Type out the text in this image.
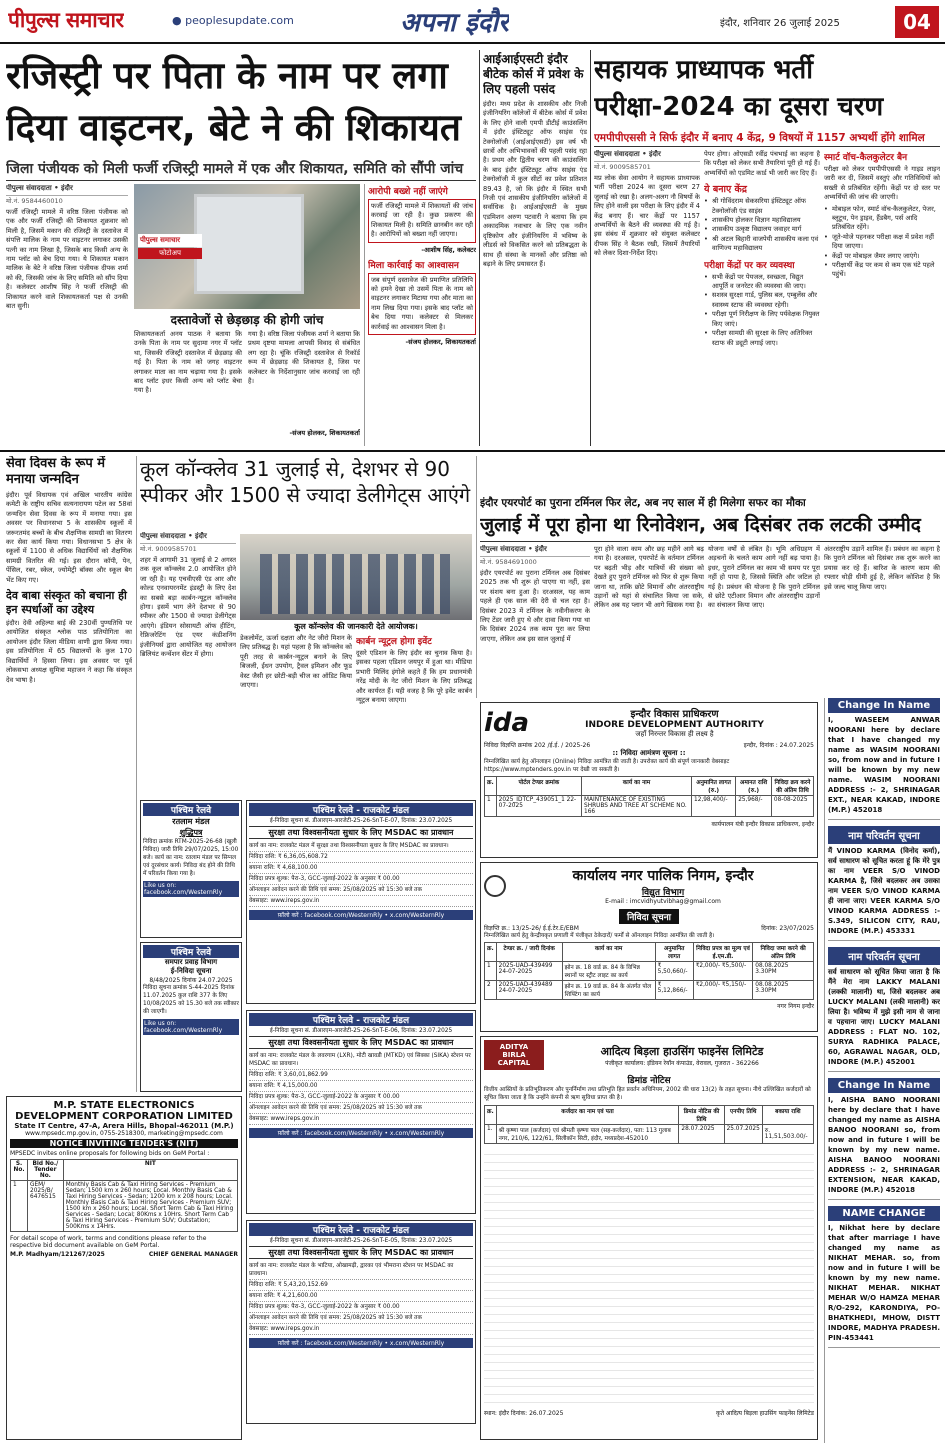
पीपुल्स समाचार	● peoplesupdate.com	अपना इंदौर	इंदौर, शनिवार 26 जुलाई 2025	04
रजिस्ट्री पर पिता के नाम पर लगा दिया वाइटनर, बेटे ने की शिकायत
जिला पंजीयक को मिली फर्जी रजिस्ट्री मामले में एक और शिकायत, समिति को सौंपी जांच
पीपुल्स संवाददाता • इंदौर
मो.नं. 9584460010
फर्जी रजिस्ट्री मामले में वरिष्ठ जिला पंजीयक को एक और फर्जी रजिस्ट्री की शिकायत शुक्रवार को मिली है, जिसमें मकान की रजिस्ट्री के दस्तावेज में संपत्ति मालिक के नाम पर वाइटनर लगाकर उसकी पत्नी का नाम लिखा है, जिसके बाद किसी अन्य के नाम प्लॉट को बेच दिया गया। ये शिकायत मकान मालिक के बेटे ने वरिष्ठ जिला पंजीयक दीपक शर्मा को की, जिसकी जांच के लिए समिति को सौंप दिया है। कलेक्टर आशीष सिंह ने फर्जी रजिस्ट्री की शिकायत करने वाले शिकायतकर्ता पक्ष से उनकी बात सुनी।
पीपुल्स समाचार
फोटोअप
दस्तावेजों से छेड़छाड़ की होगी जांच
शिकायतकर्ता अनय पाठक ने बताया कि उनके पिता के नाम पर सुदामा नगर में प्लॉट था, जिसकी रजिस्ट्री दस्तावेज में छेड़छाड़ की गई है। पिता के नाम को जगह वाइटनर लगाकर माता का नाम चढ़ाया गया है। इसके बाद प्लॉट इधर किसी अन्य को प्लॉट बेचा गया है।
गया है। वरिष्ठ जिला पंजीयक शर्मा ने बताया कि प्रथम दृष्टया मामला आपसी विवाद से संबंधित लग रहा है। चूंकि रजिस्ट्री दस्तावेज से रिकॉर्ड रूम में छेड़छाड़ की शिकायत है, जिस पर कलेक्टर के निर्देशानुसार जांच करवाई जा रही है।
-संजय होलकर, शिकायतकर्ता
आरोपी बख्शे नहीं जाएंगे
फर्जी रजिस्ट्री मामले में शिकायतों की जांच करवाई जा रही है। कुछ प्रकरण की शिकायत मिली है। समिति छानबीन कर रही है। आरोपियों को बख्शा नहीं जाएगा।
-आशीष सिंह, कलेक्टर
मिला कार्रवाई का आश्वासन
जब संपूर्ण दस्तावेज की प्रमाणित प्रतिलिपि को हमने देखा तो उसमें पिता के नाम को वाइटनर लगाकर मिटाया गया और माता का नाम लिख दिया गया। इसके बाद प्लॉट को बेच दिया गया। कलेक्टर से मिलकर कार्रवाई का आश्वासन मिला है।
-संजय होलकर, शिकायतकर्ता
आईआईएसटी इंदौर बीटेक कोर्स में प्रवेश के लिए पहली पसंद
इंदौर। मध्य प्रदेश के शासकीय और निजी इंजीनियरिंग कॉलेजों में बीटेक कोर्स में प्रवेश के लिए होने वाली एमपी डीटीई काउंसलिंग में इंदौर इंस्टिट्यूट ऑफ साइंस एंड टेक्नोलॉजी (आईआईएसटी) इस वर्ष भी छात्रों और अभिभावकों की पहली पसंद रहा है। प्रथम और द्वितीय चरण की काउंसलिंग के बाद इंदौर इंस्टिट्यूट ऑफ साइंस एंड टेक्नोलॉजी में कुल सीटों का प्रवेश प्रतिशत 89.43 है, जो कि इंदौर में स्थित सभी निजी एवं शासकीय इंजीनियरिंग कॉलेजों में सर्वाधिक है। आईआईएसटी के मुख्य एडमिशन अरुण पटवारी ने बताया कि हम अकादमिक नवाचार के लिए एक नवीन दृष्टिकोण और इंजीनियरिंग में भविष्य के लीडर्स को विकसित करने को प्रतिबद्धता के साथ ही संस्था के मानकों और प्रतिष्ठा को बढ़ाने के लिए प्रयासरत हैं।
सहायक प्राध्यापक भर्ती परीक्षा-2024 का दूसरा चरण
एमपीपीएससी ने सिर्फ इंदौर में बनाए 4 केंद्र, 9 विषयों में 1157 अभ्यर्थी होंगे शामिल
पीपुल्स संवाददाता • इंदौर
मो.नं. 9009585701
मप्र लोक सेवा आयोग ने सहायक प्राध्यापक भर्ती परीक्षा 2024 का दूसरा चरण 27 जुलाई को रखा है। अलग-अलग नौ विषयों के लिए होने वाली इस परीक्षा के लिए इंदौर में 4 केंद्र बनाए हैं। चार केंद्रों पर 1157 अभ्यर्थियों के बैठने की व्यवस्था की गई है। इस संबंध में शुक्रवार को संयुक्त कलेक्टर दीपक सिंह ने बैठक रखी, जिसमें तैयारियों को लेकर दिशा-निर्देश दिए।
पेपर होगा। ओएसडी रवींद्र पंचभाई का कहना है कि परीक्षा को लेकर सभी तैयारियां पूरी हो गई हैं। अभ्यर्थियों को एडमिट कार्ड भी जारी कर दिए हैं।
ये बनाए केंद्र
• श्री गोविंदराम सेकसरिया इंस्टिट्यूट ऑफ टेक्नोलॉजी एंड साइंस
• शासकीय होलकर विज्ञान महाविद्यालय
• शासकीय उत्कृष्ट विद्यालय जवाहर मार्ग
• श्री अटल बिहारी वाजपेयी शासकीय कला एवं वाणिज्य महाविद्यालय
परीक्षा केंद्रों पर कर व्यवस्था
• सभी केंद्रों पर पेयजल, स्वच्छता, विद्युत आपूर्ति व जनरेटर की व्यवस्था की जाए।
• सशस्त्र सुरक्षा गार्ड, पुलिस बल, एम्बुलेंस और स्वास्थ्य स्टाफ की व्यवस्था रहेगी।
• परीक्षा पूर्ण निरीक्षण के लिए पर्यवेक्षक नियुक्त किए जाएं।
• परीक्षा सामग्री की सुरक्षा के लिए अतिरिक्त स्टाफ की ड्यूटी लगाई जाए।
स्मार्ट वॉच-कैलकुलेटर बैन
परीक्षा को लेकर एमपीपीएससी ने गाइड लाइन जारी कर दी, जिसमें वस्तुएं और गतिविधियों को सख्ती से प्रतिबंधित रहेंगी। केंद्रों पर दो स्तर पर अभ्यर्थियों की जांच की जाएगी।
• मोबाइल फोन, स्मार्ट वॉच-कैलकुलेटर, पेजर, ब्लूटूथ, पेन ड्राइव, हैंडबैग, पर्स आदि प्रतिबंधित रहेंगे।
• जूते-मोजे पहनकर परीक्षा कक्ष में प्रवेश नहीं दिया जाएगा।
• केंद्रों पर मोबाइल जैमर लगाए जाएंगे।
• परीक्षार्थी केंद्र पर कम से कम एक घंटे पहले पहुंचें।
सेवा दिवस के रूप में मनाया जन्मदिन
इंदौर। पूर्व विधायक एवं अखिल भारतीय कांग्रेस कमेटी के राष्ट्रीय सचिव सत्यनारायण पटेल का 58वां जन्मदिन सेवा दिवस के रूप में मनाया गया। इस अवसर पर विधानसभा 5 के शासकीय स्कूलों में जरूरतमंद बच्चों के बीच शैक्षणिक सामग्री का वितरण कर सेवा कार्य किया गया। विधानसभा 5 क्षेत्र के स्कूलों में 1100 से अधिक विद्यार्थियों को शैक्षणिक सामग्री वितरित की गई। इस दौरान कॉपी, पेन, पेंसिल, रबर, स्केल, ज्योमेट्री बॉक्स और स्कूल बैग भेंट किए गए।
देव बाबा संस्कृत को बचाना ही इन स्पर्धाओं का उद्देश्य
इंदौर। देवी अहिल्या बाई की 230वीं पुण्यतिथि पर आयोजित संस्कृत श्लोक पाठ प्रतियोगिता का आयोजन इंदौर जिला मीडिया वाणी द्वारा किया गया। इस प्रतियोगिता में 65 विद्यालयों के कुल 170 विद्यार्थियों ने हिस्सा लिया। इस अवसर पर पूर्व लोकसभा अध्यक्ष सुमित्रा महाजन ने कहा कि संस्कृत देव भाषा है।
कूल कॉन्क्लेव 31 जुलाई से, देशभर से 90 स्पीकर और 1500 से ज्यादा डेलीगेट्स आएंगे
पीपुल्स संवाददाता • इंदौर
मो.नं. 9009585701
शहर में आगामी 31 जुलाई से 2 अगस्त तक कूल कॉन्क्लेव 2.0 आयोजित होने जा रही है। यह एचवीएसी एंड आर और कोल्ड एनवायरनमेंट इंडस्ट्री के लिए देश का सबसे बड़ा कार्बन-न्यूट्रल कॉन्क्लेव होगा। इसमें भाग लेने देशभर से 90 स्पीकर और 1500 से ज्यादा डेलीगेट्स आएंगे। इंडियन सोसायटी ऑफ हीटिंग, रेफ्रिजरेटिंग एंड एयर कंडीशनिंग इंजीनियर्स द्वारा आयोजित यह आयोजन ब्रिलियंट कन्वेंशन सेंटर में होगा।
कूल कॉन्क्लेव की जानकारी देते आयोजक।
डेकलोमेंट, ऊर्जा दक्षता और नेट जीरो मिशन के लिए प्रतिबद्ध है। यहां पहला है कि कॉन्क्लेव को पूरी तरह से कार्बन-न्यूट्रल बनाने के लिए बिजली, ईंधन उपयोग, ट्रैवल इमिशन और फूड वेस्ट जैसी हर छोटी-बड़ी चीज का ऑडिट किया जाएगा।
कार्बन न्यूट्रल होगा इवेंट
दूसरे एडिशन के लिए इंदौर का चुनाव किया है। इसका पहला एडिशन जयपुर में हुआ था। मीडिया प्रभारी मिलिंद इंगोले कहते हैं कि हम प्रधानमंत्री नरेंद्र मोदी के नेट जीरो मिशन के लिए प्रतिबद्ध और कार्यरत हैं। यही वजह है कि पूरे इवेंट कार्बन न्यूट्रल बनाया जाएगा।
इंदौर एयरपोर्ट का पुराना टर्मिनल फिर लेट, अब नए साल में ही मिलेगा सफर का मौका
जुलाई में पूरा होना था रिनोवेशन, अब दिसंबर तक लटकी उम्मीद
पीपुल्स संवाददाता • इंदौर
मो.नं. 9584691000
इंदौर एयरपोर्ट का पुराना टर्मिनल अब दिसंबर 2025 तक भी शुरू हो पाएगा या नहीं, इस पर संशय बना हुआ है। दरअसल, यह काम पहले ही एक साल की देरी से चल रहा है। दिसंबर 2023 में टर्मिनल के नवीनीकरण के लिए टेंडर जारी हुए थे और दावा किया गया था कि दिसंबर 2024 तक काम पूरा कर लिया जाएगा, लेकिन अब इस साल जुलाई में
पूरा होने वाला काम और छह महीने आगे बढ़ गया है। दरअसल, एयरपोर्ट के वर्तमान टर्मिनल पर बढ़ती भीड़ और यात्रियों की संख्या को देखते हुए पुराने टर्मिनल को फिर से शुरू किया जाना था, ताकि छोटे विमानों और अंतरराष्ट्रीय उड़ानों को यहां से संचालित किया जा सके, लेकिन अब यह प्लान भी आगे खिसक गया है।
योजना वर्षों से लंबित है। भूमि अधिग्रहण में अड़चनों के चलते काम आगे नहीं बढ़ पाया है। इधर, पुराने टर्मिनल का काम भी समय पर पूरा नहीं हो पाया है, जिससे स्थिति और जटिल हो गई है। प्रबंधन की योजना है कि पुराने टर्मिनल से छोटे एटीआर विमान और अंतरराष्ट्रीय उड़ानों का संचालन किया जाए।
अंतरराष्ट्रीय उड़ानें शामिल हैं। प्रबंधन का कहना है कि पुराने टर्मिनल को दिसंबर तक शुरू करने का प्रयास कर रहे हैं। बारिश के कारण काम की रफ्तार थोड़ी धीमी हुई है, लेकिन कोशिश है कि इसे जल्द चालू किया जाए।
Change In Name
I, WASEEM ANWAR NOORANI here by declare that I have changed my name as WASIM NOORANI so, from now and in future I will be known by my new name. WASIM NOORANI ADDRESS :- 2, SHRINAGAR EXT., NEAR KAKAD, INDORE (M.P.) 452018
नाम परिवर्तन सूचना
मैं VINOD KARMA (विनोद कर्मा), सर्व साधारण को सूचित करता हूं कि मेरे पुत्र का नाम VEER S/O VINOD KARMA है, जिसे बदलकर अब उसका नाम VEER S/O VINOD KARMA ही जाना जाए। VEER KARMA S/O VINOD KARMA ADDRESS :- S.349, SILICON CITY, RAU, INDORE (M.P.) 453331
नाम परिवर्तन सूचना
सर्व साधारण को सूचित किया जाता है कि मैंने मेरा नाम LAKKY MALANI (लक्की मालानी) था, जिसे बदलकर अब LUCKY MALANI (लकी मालानी) कर लिया है। भविष्य में मुझे इसी नाम से जाना व पहचाना जाए। LUCKY MALANI ADDRESS : FLAT NO. 102, SURYA RADHIKA PALACE, 60, AGRAWAL NAGAR, OLD, INDORE (M.P.) 452001
Change In Name
I, AISHA BANO NOORANI here by declare that I have changed my name as AISHA BANOO NOORANI so, from now and in future I will be known by my new name. AISHA BANOO NOORANI ADDRESS :- 2, SHRINAGAR EXTENSION, NEAR KAKAD, INDORE (M.P.) 452018
NAME CHANGE
I, Nikhat here by declare that after marriage I have changed my name as NIKHAT MEHAR. so, from now and in future I will be known by my new name. NIKHAT MEHAR. NIKHAT MEHAR W/O HAMZA MEHAR R/O-292, KARONDIYA, PO-BHATKHEDI, MHOW, DISTT INDORE, MADHYA PRADESH. PIN-453441
ida	इन्दौर विकास प्राधिकरण
INDORE DEVELOPMENT AUTHORITY
जहाँ निरन्तर विकास ही लक्ष्य है
निविदा विज्ञप्ति क्रमांक 202 /ई.ई. / 2025-26	इन्दौर, दिनांक : 24.07.2025
:: निविदा आमंत्रण सूचना ::
निम्नलिखित कार्य हेतु ऑनलाइन (Online) निविदा आमंत्रित की जाती है। उपरोक्त कार्य की संपूर्ण जानकारी वेबसाइट https://www.mptenders.gov.in पर देखी जा सकती है।
क्र.	पोर्टल टेण्डर क्रमांक	कार्य का नाम	अनुमानित लागत (रु.)	अमानत राशि (रु.)	निविदा क्रय करने की अंतिम तिथि
1	2025_IDTCP_439051_1 22-07-2025	MAINTENANCE OF EXISTING SHRUBS AND TREE AT SCHEME NO. 166	12,98,400/-	25,968/-	08-08-2025
कार्यपालन यंत्री इन्दौर विकास प्राधिकरण, इन्दौर
कार्यालय नगर पालिक निगम, इन्दौर
विद्युत विभाग
E-mail : imcvidhyutvibhag@gmail.com
निविदा सूचना
विज्ञप्ति क्र.: 13/25-26/ ई.ई.टेर.E/EBM	दिनांक: 23/07/2025
निम्नलिखित कार्य हेतु केन्द्रीयकृत प्रणाली में पंजीकृत ठेकेदारों/ फर्मों से ऑनलाइन निविदा आमंत्रित की जाती है।
क्र.	टेण्डर क्र. / जारी दिनांक	कार्य का नाम	अनुमानित लागत	निविदा प्रपत्र का मूल्य एवं ई.एम.डी.	निविदा जमा करने की अंतिम तिथि
1	2025-UAD-439499 24-07-2025	झोन क्र. 18 वार्ड क्र. 84 के विभिन्न स्थानों पर स्ट्रीट लाइट का कार्य	₹ 5,50,660/-	₹2,000/- ₹5,500/-	08.08.2025 3.30PM
2	2025-UAD-439489 24-07-2025	झोन क्र. 19 वार्ड क्र. 84 के अंतर्गत पोल शिफ्टिंग का कार्य	₹ 5,12,866/-	₹2,000/- ₹5,150/-	08.08.2025 3.30PM
नगर निगम इन्दौर
ADITYA BIRLA CAPITAL
आदित्य बिड़ला हाउसिंग फाइनेंस लिमिटेड
पंजीकृत कार्यालय: इंडियन रेयॉन कंपाउंड, वेरावल, गुजरात - 362266
डिमांड नोटिस
वित्तीय आस्तियों के प्रतिभूतिकरण और पुनर्निर्माण तथा प्रतिभूति हित प्रवर्तन अधिनियम, 2002 की धारा 13(2) के तहत सूचना। नीचे उल्लिखित कर्जदारों को सूचित किया जाता है कि उन्होंने कंपनी से ऋण सुविधा प्राप्त की है।
क्र.	कर्जदार का नाम एवं पता	डिमांड नोटिस की तिथि	एनपीए तिथि	बकाया राशि
1.	श्री कृष्णा पाल (कर्जदार) एवं श्रीमती कृष्णा पाल (सह-कर्जदार), पता: 113 गुलाब नगर, 210/6, 122/61, सिलीकॉन सिटी, इंदौर, मध्यप्रदेश-452010	28.07.2025	25.07.2025	रु. 11,51,503.00/-
स्थान: इंदौर दिनांक: 26.07.2025	कृते आदित्य बिड़ला हाउसिंग फाइनेंस लिमिटेड
पश्चिम रेलवे - राजकोट मंडल
ई-निविदा सूचना सं. डीआरएम-आरजेटी-25-26-SnT-E-07, दिनांक: 23.07.2025
सुरक्षा तथा विश्वसनीयता सुधार के लिए MSDAC का प्रावधान
कार्य का नाम: राजकोट मंडल में सुरक्षा तथा विश्वसनीयता सुधार के लिए MSDAC का प्रावधान।
निविदा राशि: ₹ 6,36,05,608.72
बयाना राशि: ₹ 4,68,100.00
निविदा प्रपत्र शुल्क: पैरा-3, GCC-जुलाई-2022 के अनुसार ₹ 00.00
ऑनलाइन आवेदन करने की तिथि एवं समय: 25/08/2025 को 15:30 बजे तक
वेबसाइट: www.ireps.gov.in
फ़ॉलो करें : facebook.com/WesternRly • x.com/WesternRly
पश्चिम रेलवे - राजकोट मंडल
ई-निविदा सूचना सं. डीआरएम-आरजेटी-25-26-SnT-E-06, दिनांक: 23.07.2025
सुरक्षा तथा विश्वसनीयता सुधार के लिए MSDAC का प्रावधान
कार्य का नाम: राजकोट मंडल के लवरगाम (LXR), मोटी खावडी (MTKD) एवं सिक्का (SIKA) स्टेशन पर MSDAC का प्रावधान।
निविदा राशि: ₹ 3,60,01,862.99
बयाना राशि: ₹ 4,15,000.00
निविदा प्रपत्र शुल्क: पैरा-3, GCC-जुलाई-2022 के अनुसार ₹ 00.00
ऑनलाइन आवेदन करने की तिथि एवं समय: 25/08/2025 को 15:30 बजे तक
वेबसाइट: www.ireps.gov.in
फ़ॉलो करें : facebook.com/WesternRly • x.com/WesternRly
पश्चिम रेलवे - राजकोट मंडल
ई-निविदा सूचना सं. डीआरएम-आरजेटी-25-26-SnT-E-05, दिनांक: 23.07.2025
सुरक्षा तथा विश्वसनीयता सुधार के लिए MSDAC का प्रावधान
कार्य का नाम: राजकोट मंडल के भाटिया, ओखामढ़ी, द्वारका एवं भीमराना स्टेशन पर MSDAC का प्रावधान।
निविदा राशि: ₹ 5,43,20,152.69
बयाना राशि: ₹ 4,21,600.00
निविदा प्रपत्र शुल्क: पैरा-3, GCC-जुलाई-2022 के अनुसार ₹ 00.00
ऑनलाइन आवेदन करने की तिथि एवं समय: 25/08/2025 को 15:30 बजे तक
वेबसाइट: www.ireps.gov.in
फ़ॉलो करें : facebook.com/WesternRly • x.com/WesternRly
पश्चिम रेलवे
रतलाम मंडल
शुद्धिपत्र
निविदा क्रमांक RTM-2025-26-68 (खुली निविदा) जारी तिथि 29/07/2025, 15:00 बजे। कार्य का नाम: रतलाम मंडल पर सिग्नल एवं दूरसंचार कार्य। निविदा बंद होने की तिथि में परिवर्तन किया गया है।
Like us on: facebook.com/WesternRly
पश्चिम रेलवे
समपार प्रवाह विभाग
ई-निविदा सूचना
8/48/2025 दिनांक 24.07.2025
निविदा सूचना क्रमांक S-44-2025 दिनांक 11.07.2025 कुल राशि 377 के लिए 10/08/2025 को 15.30 बजे तक स्वीकार की जाएगी।
Like us on: facebook.com/WesternRly
M.P. STATE ELECTRONICS DEVELOPMENT CORPORATION LIMITED
State IT Centre, 47-A, Arera Hills, Bhopal-462011 (M.P.)
www.mpsedc.mp.gov.in, 0755-2518300, marketing@mpsedc.com
NOTICE INVITING TENDER'S (NIT)
MPSEDC invites online proposals for following bids on GeM Portal :
S. No.	Bid No./ Tender No.	NIT
1	GEM/ 2025/B/ 6476515	Monthly Basis Cab & Taxi Hiring Services - Premium Sedan; 1500 km x 260 hours; Local. Monthly Basis Cab & Taxi Hiring Services - Sedan; 1200 km x 208 hours; Local. Monthly Basis Cab & Taxi Hiring Services - Premium SUV; 1500 km x 260 hours; Local. Short Term Cab & Taxi Hiring Services - Sedan; Local; 80Kms x 10Hrs. Short Term Cab & Taxi Hiring Services - Premium SUV; Outstation; 500Kms x 14Hrs.
For detail scope of work, terms and conditions please refer to the respective bid document available on GeM Portal.
M.P. Madhyam/121267/2025	CHIEF GENERAL MANAGER
